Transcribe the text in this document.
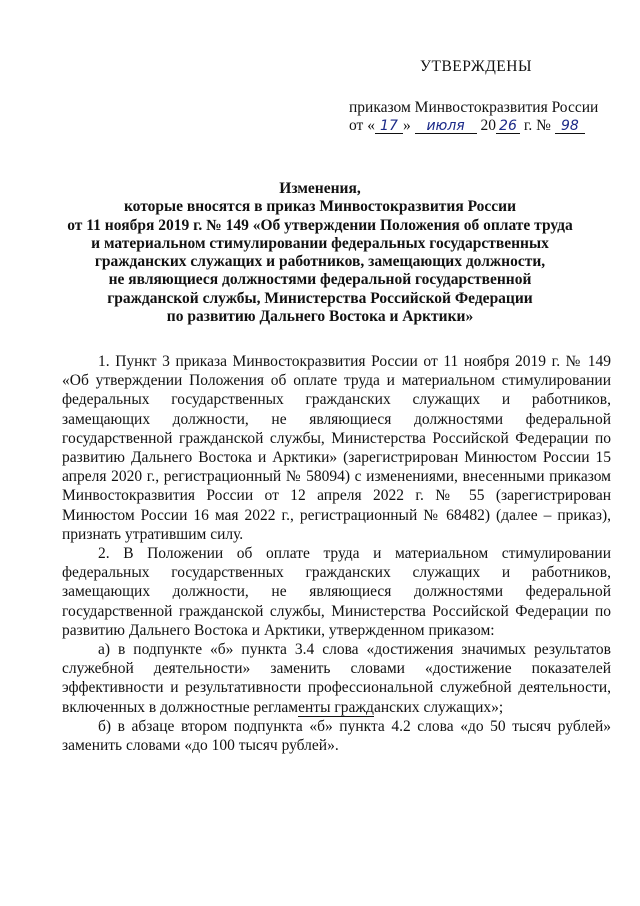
УТВЕРЖДЕНЫ
приказом Минвостокразвития России
от « 17 » июля 20 26 г. № 98
Изменения,
которые вносятся в приказ Минвостокразвития России
от 11 ноября 2019 г. № 149 «Об утверждении Положения об оплате труда
и материальном стимулировании федеральных государственных
гражданских служащих и работников, замещающих должности,
не являющиеся должностями федеральной государственной
гражданской службы, Министерства Российской Федерации
по развитию Дальнего Востока и Арктики»

1. Пункт 3 приказа Минвостокразвития России от 11 ноября 2019 г. № 149 «Об утверждении Положения об оплате труда и материальном стимулировании федеральных государственных гражданских служащих и работников, замещающих должности, не являющиеся должностями федеральной государственной гражданской службы, Министерства Российской Федерации по развитию Дальнего Востока и Арктики» (зарегистрирован Минюстом России 15 апреля 2020 г., регистрационный № 58094) с изменениями, внесенными приказом Минвостокразвития России от 12 апреля 2022 г. № 55 (зарегистрирован Минюстом России 16 мая 2022 г., регистрационный № 68482) (далее – приказ), признать утратившим силу.

2. В Положении об оплате труда и материальном стимулировании федеральных государственных гражданских служащих и работников, замещающих должности, не являющиеся должностями федеральной государственной гражданской службы, Министерства Российской Федерации по развитию Дальнего Востока и Арктики, утвержденном приказом:

а) в подпункте «б» пункта 3.4 слова «достижения значимых результатов служебной деятельности» заменить словами «достижение показателей эффективности и результативности профессиональной служебной деятельности, включенных в должностные регламенты гражданских служащих»;

б) в абзаце втором подпункта «б» пункта 4.2 слова «до 50 тысяч рублей» заменить словами «до 100 тысяч рублей».
